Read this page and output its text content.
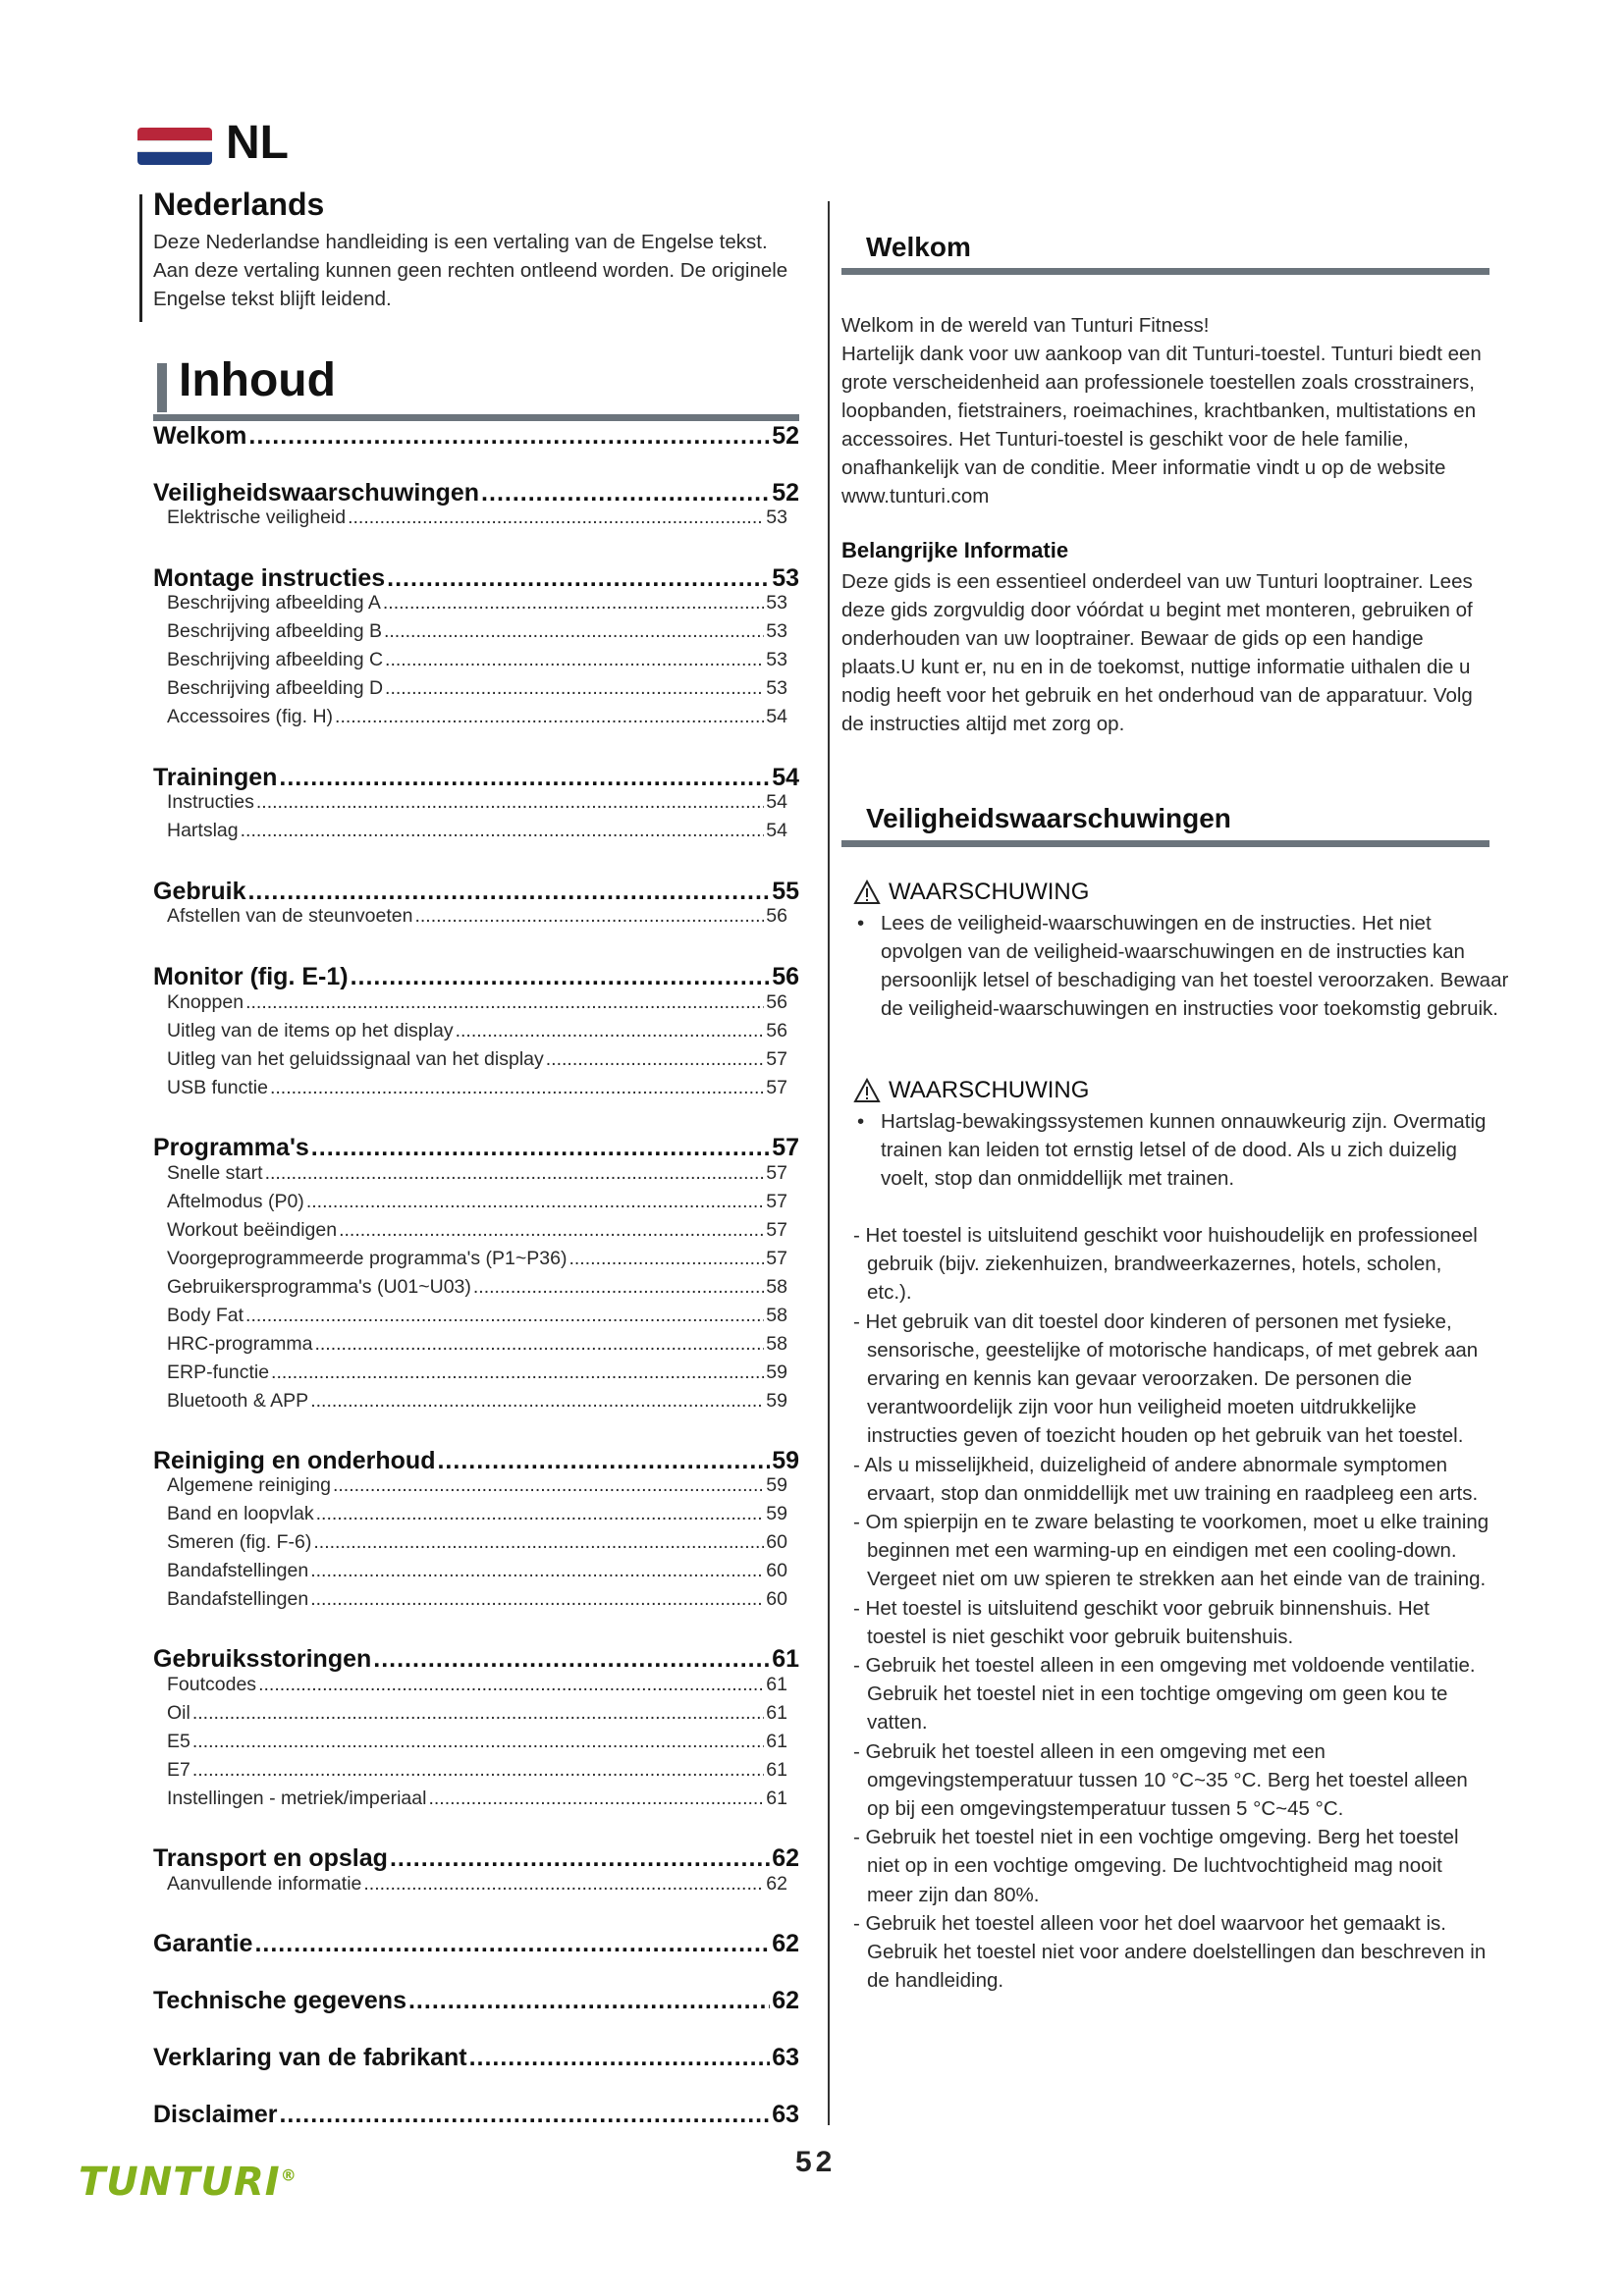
NL
Nederlands
Deze Nederlandse handleiding is een vertaling van de Engelse tekst. Aan deze vertaling kunnen geen rechten ontleend worden. De originele Engelse tekst blijft leidend.
Inhoud
Welkom .....	52
Veiligheidswaarschuwingen .....	52
Elektrische veiligheid .....	53
Montage instructies .....	53
Beschrijving afbeelding A .....	53
Beschrijving afbeelding B .....	53
Beschrijving afbeelding C .....	53
Beschrijving afbeelding D .....	53
Accessoires (fig. H) .....	54
Trainingen .....	54
Instructies .....	54
Hartslag .....	54
Gebruik .....	55
Afstellen van de steunvoeten .....	56
Monitor (fig. E-1) .....	56
Knoppen .....	56
Uitleg van de items op het display .....	56
Uitleg van het geluidssignaal van het display .....	57
USB functie .....	57
Programma's .....	57
Snelle start .....	57
Aftelmodus (P0) .....	57
Workout beëindigen .....	57
Voorgeprogrammeerde programma's (P1~P36) .....	57
Gebruikersprogramma's (U01~U03) .....	58
Body Fat .....	58
HRC-programma .....	58
ERP-functie .....	59
Bluetooth & APP .....	59
Reiniging en onderhoud .....	59
Algemene reiniging .....	59
Band en loopvlak .....	59
Smeren (fig. F-6) .....	60
Bandafstellingen .....	60
Bandafstellingen .....	60
Gebruiksstoringen .....	61
Foutcodes .....	61
Oil .....	61
E5 .....	61
E7 .....	61
Instellingen - metriek/imperiaal .....	61
Transport en opslag .....	62
Aanvullende informatie .....	62
Garantie .....	62
Technische gegevens .....	62
Verklaring van de fabrikant .....	63
Disclaimer .....	63
Welkom
Welkom in de wereld van Tunturi Fitness!
Hartelijk dank voor uw aankoop van dit Tunturi-toestel. Tunturi biedt een grote verscheidenheid aan professionele toestellen zoals crosstrainers, loopbanden, fietstrainers, roeimachines, krachtbanken, multistations en accessoires. Het Tunturi-toestel is geschikt voor de hele familie, onafhankelijk van de conditie. Meer informatie vindt u op de website www.tunturi.com
Belangrijke Informatie
Deze gids is een essentieel onderdeel van uw Tunturi looptrainer. Lees deze gids zorgvuldig door vóórdat u begint met monteren, gebruiken of onderhouden van uw looptrainer. Bewaar de gids op een handige plaats.U kunt er, nu en in de toekomst, nuttige informatie uithalen die u nodig heeft voor het gebruik en het onderhoud van de apparatuur. Volg de instructies altijd met zorg op.
Veiligheidswaarschuwingen
WAARSCHUWING
• Lees de veiligheid-waarschuwingen en de instructies. Het niet opvolgen van de veiligheid-waarschuwingen en de instructies kan persoonlijk letsel of beschadiging van het toestel veroorzaken. Bewaar de veiligheid-waarschuwingen en instructies voor toekomstig gebruik.
WAARSCHUWING
• Hartslag-bewakingssystemen kunnen onnauwkeurig zijn. Overmatig trainen kan leiden tot ernstig letsel of de dood. Als u zich duizelig voelt, stop dan onmiddellijk met trainen.
- Het toestel is uitsluitend geschikt voor huishoudelijk en professioneel gebruik (bijv. ziekenhuizen, brandweerkazernes, hotels, scholen, etc.).
- Het gebruik van dit toestel door kinderen of personen met fysieke, sensorische, geestelijke of motorische handicaps, of met gebrek aan ervaring en kennis kan gevaar veroorzaken. De personen die verantwoordelijk zijn voor hun veiligheid moeten uitdrukkelijke instructies geven of toezicht houden op het gebruik van het toestel.
- Als u misselijkheid, duizeligheid of andere abnormale symptomen ervaart, stop dan onmiddellijk met uw training en raadpleeg een arts.
- Om spierpijn en te zware belasting te voorkomen, moet u elke training beginnen met een warming-up en eindigen met een cooling-down. Vergeet niet om uw spieren te strekken aan het einde van de training.
- Het toestel is uitsluitend geschikt voor gebruik binnenshuis. Het toestel is niet geschikt voor gebruik buitenshuis.
- Gebruik het toestel alleen in een omgeving met voldoende ventilatie. Gebruik het toestel niet in een tochtige omgeving om geen kou te vatten.
- Gebruik het toestel alleen in een omgeving met een omgevingstemperatuur tussen 10 °C~35 °C. Berg het toestel alleen op bij een omgevingstemperatuur tussen 5 °C~45 °C.
- Gebruik het toestel niet in een vochtige omgeving. Berg het toestel niet op in een vochtige omgeving. De luchtvochtigheid mag nooit meer zijn dan 80%.
- Gebruik het toestel alleen voor het doel waarvoor het gemaakt is. Gebruik het toestel niet voor andere doelstellingen dan beschreven in de handleiding.
TUNTURI®	52
